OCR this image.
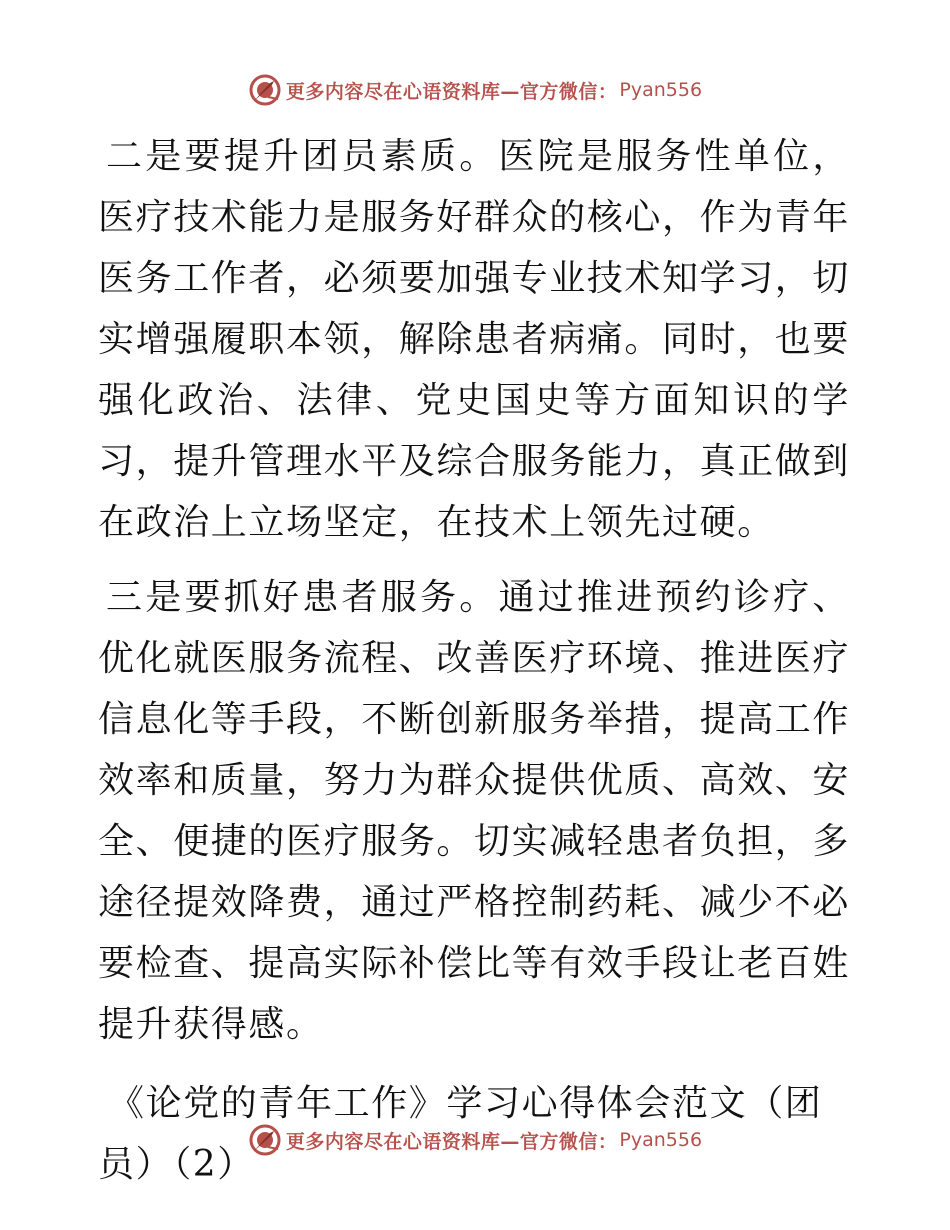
更多内容尽在心语资料库—官方微信： Pyan556

二是要提升团员素质。医院是服务性单位，医疗技术能力是服务好群众的核心，作为青年医务工作者，必须要加强专业技术知学习，切实增强履职本领，解除患者病痛。同时，也要强化政治、法律、党史国史等方面知识的学习，提升管理水平及综合服务能力，真正做到在政治上立场坚定，在技术上领先过硬。

三是要抓好患者服务。通过推进预约诊疗、优化就医服务流程、改善医疗环境、推进医疗信息化等手段，不断创新服务举措，提高工作效率和质量，努力为群众提供优质、高效、安全、便捷的医疗服务。切实减轻患者负担，多途径提效降费，通过严格控制药耗、减少不必要检查、提高实际补偿比等有效手段让老百姓提升获得感。

《论党的青年工作》学习心得体会范文（团员）（2）

更多内容尽在心语资料库—官方微信： Pyan556
